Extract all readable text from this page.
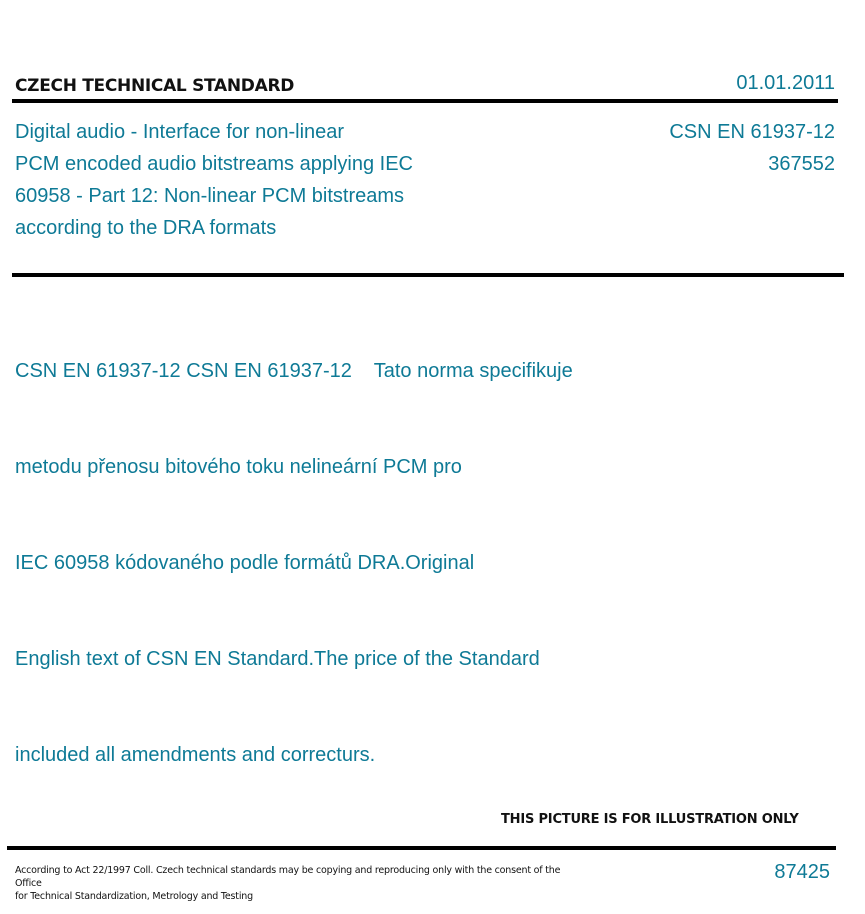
CZECH TECHNICAL STANDARD	01.01.2011
Digital audio - Interface for non-linear
PCM encoded audio bitstreams applying IEC
60958 - Part 12: Non-linear PCM bitstreams
according to the DRA formats
CSN EN 61937-12
367552

CSN EN 61937-12 CSN EN 61937-12    Tato norma specifikuje

metodu přenosu bitového toku nelineární PCM pro

IEC 60958 kódovaného podle formátů DRA.Original

English text of CSN EN Standard.The price of the Standard

included all amendments and correcturs.

THIS PICTURE IS FOR ILLUSTRATION ONLY
According to Act 22/1997 Coll. Czech technical standards may be copying and reproducing only with the consent of the Office
for Technical Standardization, Metrology and Testing
87425
